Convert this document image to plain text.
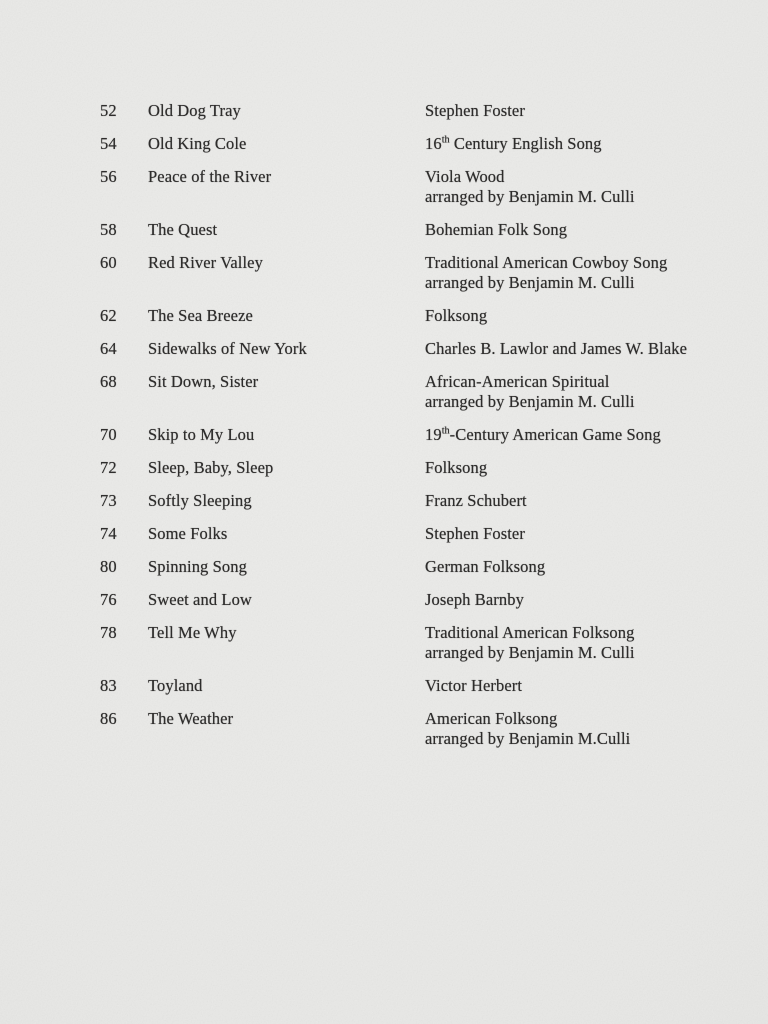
52	Old Dog Tray	Stephen Foster
54	Old King Cole	16th Century English Song
56	Peace of the River	Viola Wood
arranged by Benjamin M. Culli
58	The Quest	Bohemian Folk Song
60	Red River Valley	Traditional American Cowboy Song
arranged by Benjamin M. Culli
62	The Sea Breeze	Folksong
64	Sidewalks of New York	Charles B. Lawlor and James W. Blake
68	Sit Down, Sister	African-American Spiritual
arranged by Benjamin M. Culli
70	Skip to My Lou	19th-Century American Game Song
72	Sleep, Baby, Sleep	Folksong
73	Softly Sleeping	Franz Schubert
74	Some Folks	Stephen Foster
80	Spinning Song	German Folksong
76	Sweet and Low	Joseph Barnby
78	Tell Me Why	Traditional American Folksong
arranged by Benjamin M. Culli
83	Toyland	Victor Herbert
86	The Weather	American Folksong
arranged by Benjamin M.Culli
